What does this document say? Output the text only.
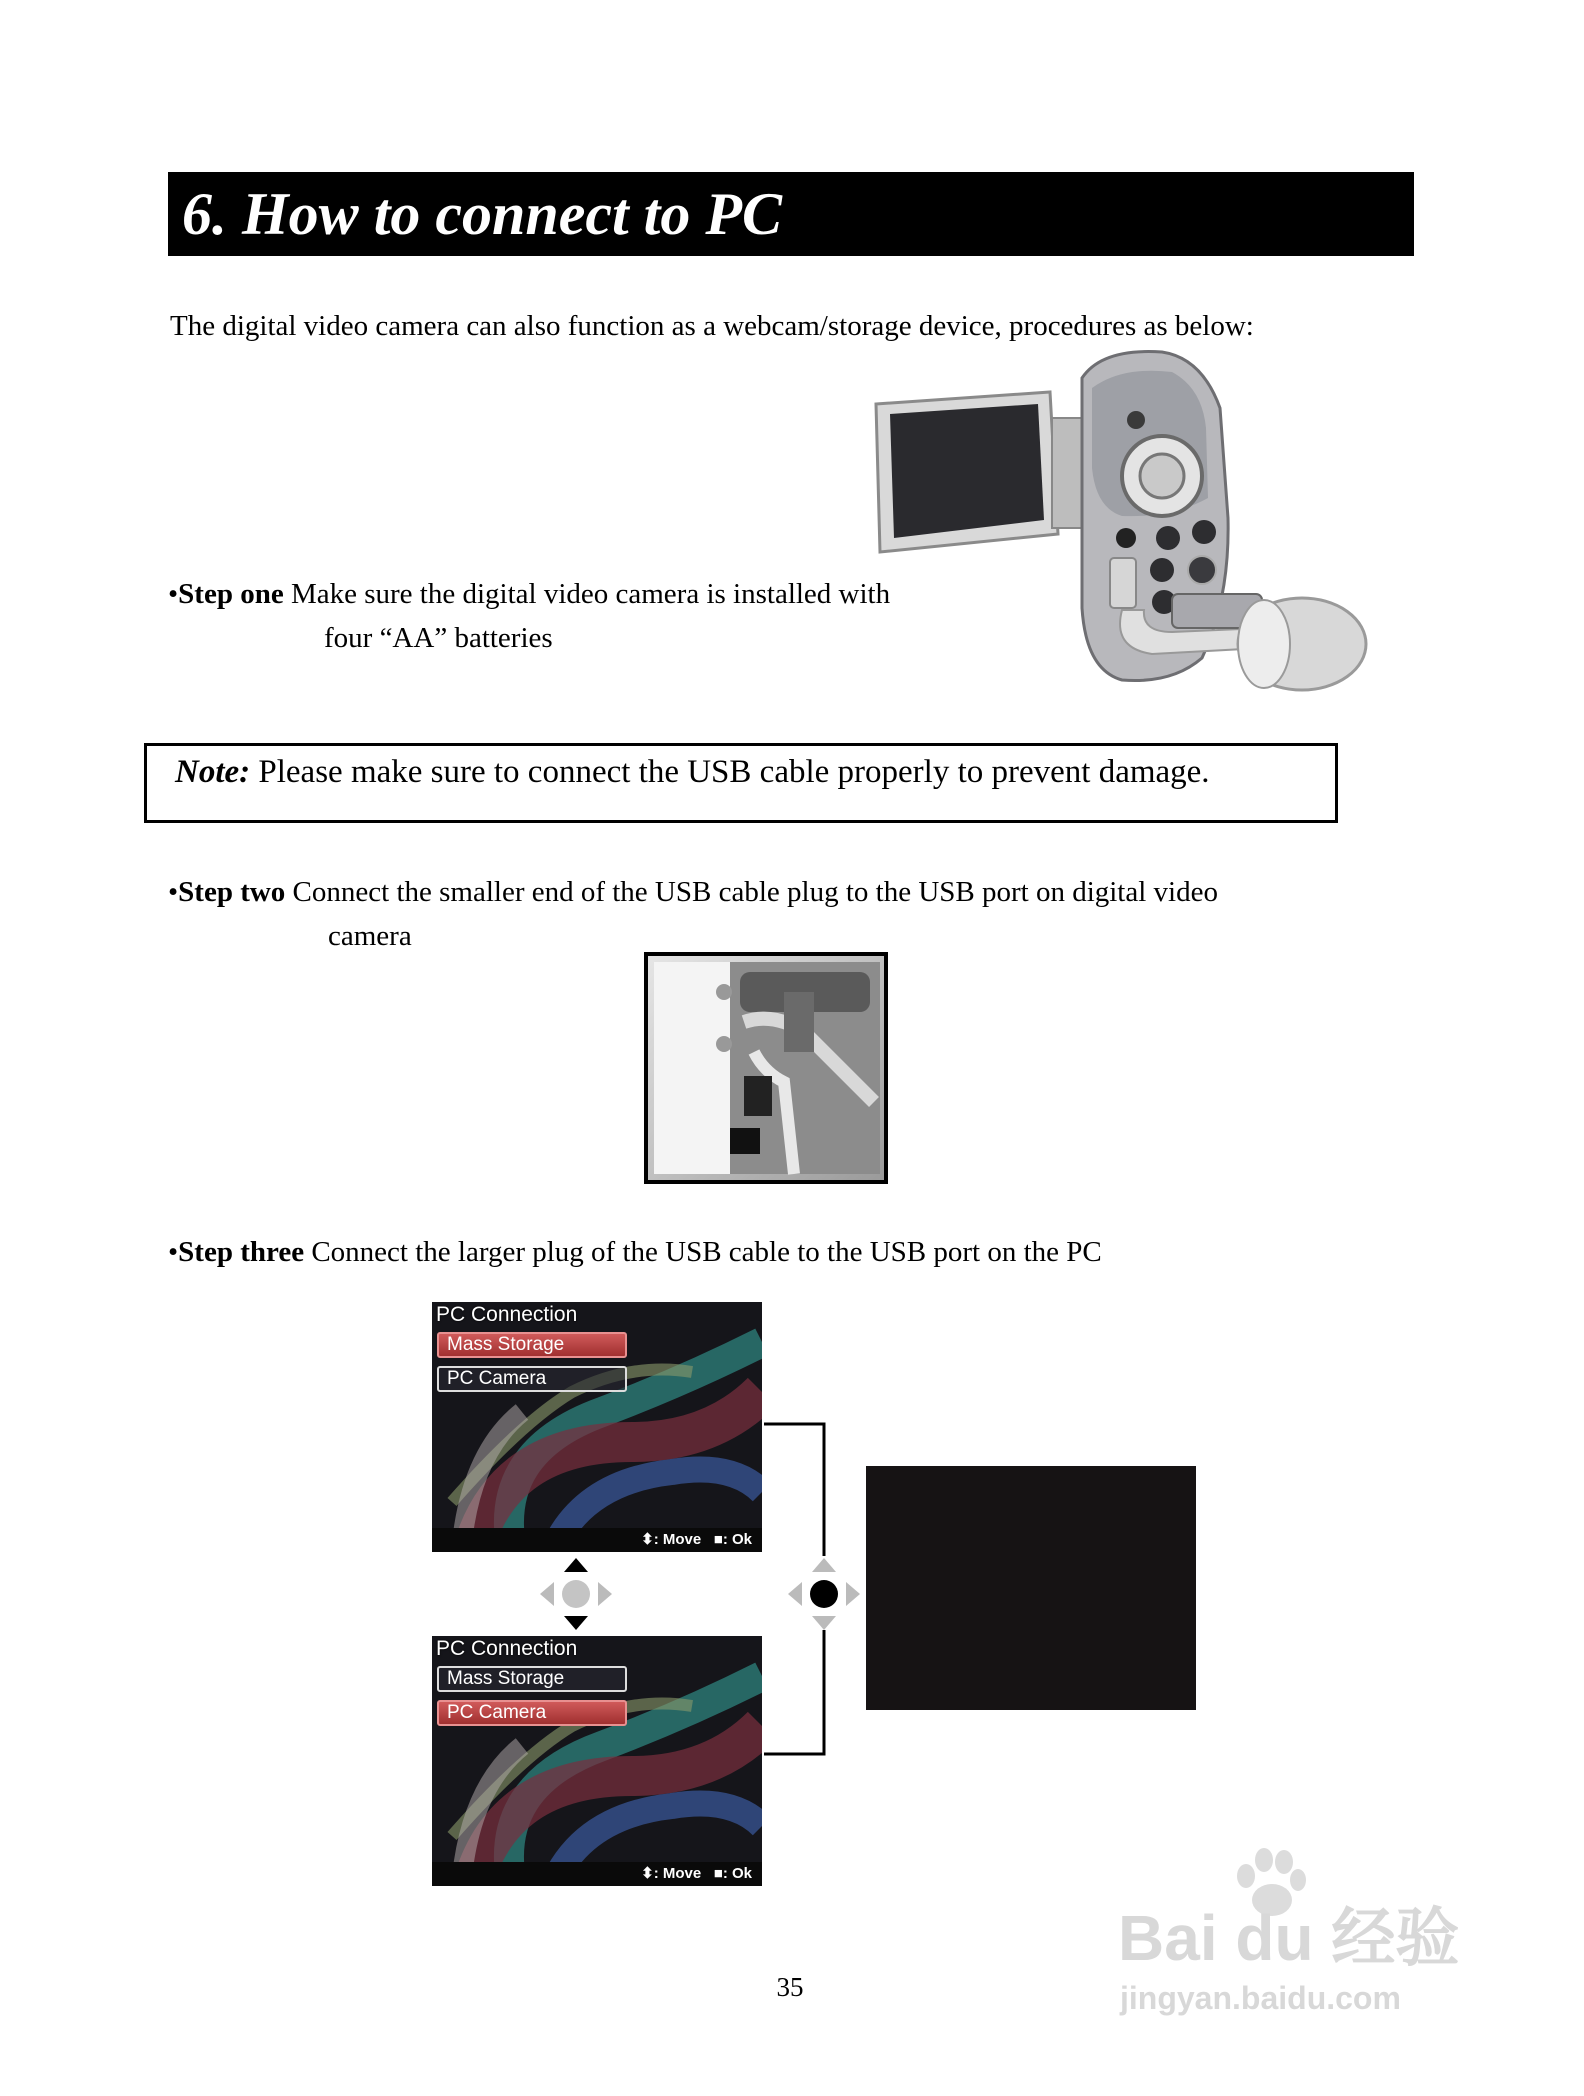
6. How to connect to PC
The digital video camera can also function as a webcam/storage device, procedures as below:
•Step one Make sure the digital video camera is installed with
four “AA” batteries
Note: Please make sure to connect the USB cable properly to prevent damage.
•Step two Connect the smaller end of the USB cable plug to the USB port on digital video
camera
•Step three Connect the larger plug of the USB cable to the USB port on the PC
PC Connection
Mass Storage
PC Camera
⬍: Move ■: Ok
PC Connection
Mass Storage
PC Camera
⬍: Move ■: Ok
35
Bai du 经验
jingyan.baidu.com
